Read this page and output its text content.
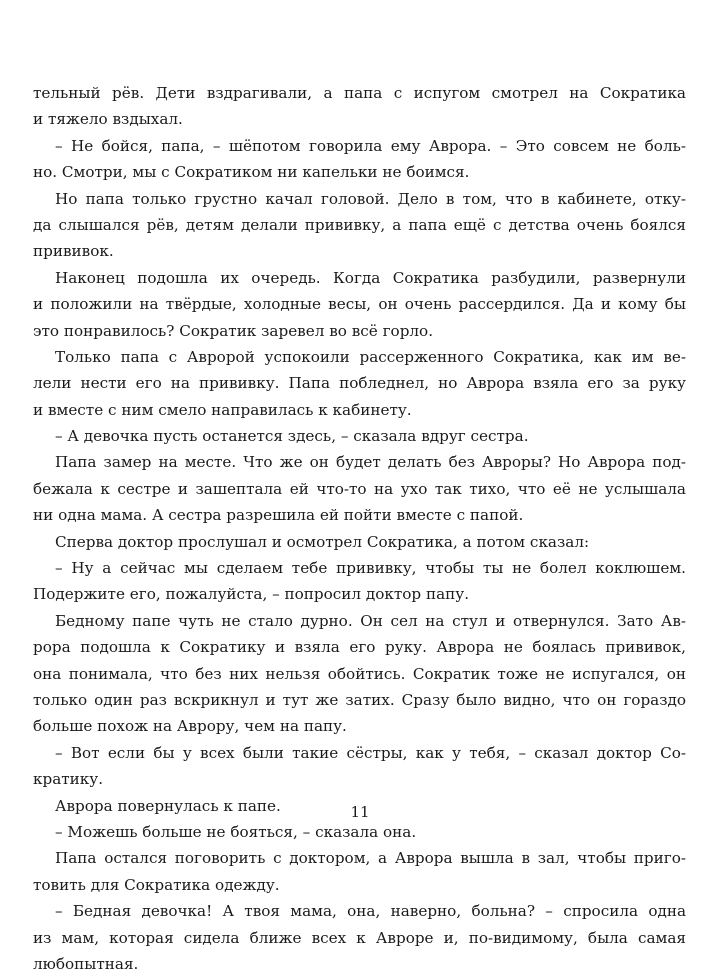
тельный рёв. Дети вздрагивали, а папа с испугом смотрел на Сократика
и тяжело вздыхал.
– Не бойся, папа, – шёпотом говорила ему Аврора. – Это совсем не боль-
но. Смотри, мы с Сократиком ни капельки не боимся.
Но папа только грустно качал головой. Дело в том, что в кабинете, отку-
да слышался рёв, детям делали прививку, а папа ещё с детства очень боялся
прививок.
Наконец подошла их очередь. Когда Сократика разбудили, развернули
и положили на твёрдые, холодные весы, он очень рассердился. Да и кому бы
это понравилось? Сократик заревел во всё горло.
Только папа с Авророй успокоили рассерженного Сократика, как им ве-
лели нести его на прививку. Папа побледнел, но Аврора взяла его за руку
и вместе с ним смело направилась к кабинету.
– А девочка пусть останется здесь, – сказала вдруг сестра.
Папа замер на месте. Что же он будет делать без Авроры? Но Аврора под-
бежала к сестре и зашептала ей что-то на ухо так тихо, что её не услышала
ни одна мама. А сестра разрешила ей пойти вместе с папой.
Сперва доктор прослушал и осмотрел Сократика, а потом сказал:
– Ну а сейчас мы сделаем тебе прививку, чтобы ты не болел коклюшем.
Подержите его, пожалуйста, – попросил доктор папу.
Бедному папе чуть не стало дурно. Он сел на стул и отвернулся. Зато Ав-
рора подошла к Сократику и взяла его руку. Аврора не боялась прививок,
она понимала, что без них нельзя обойтись. Сократик тоже не испугался, он
только один раз вскрикнул и тут же затих. Сразу было видно, что он гораздо
больше похож на Аврору, чем на папу.
– Вот если бы у всех были такие сёстры, как у тебя, – сказал доктор Со-
кратику.
Аврора повернулась к папе.
– Можешь больше не бояться, – сказала она.
Папа остался поговорить с доктором, а Аврора вышла в зал, чтобы приго-
товить для Сократика одежду.
– Бедная девочка! А твоя мама, она, наверно, больна? – спросила одна
из мам, которая сидела ближе всех к Авроре и, по-видимому, была самая
любопытная.
11
